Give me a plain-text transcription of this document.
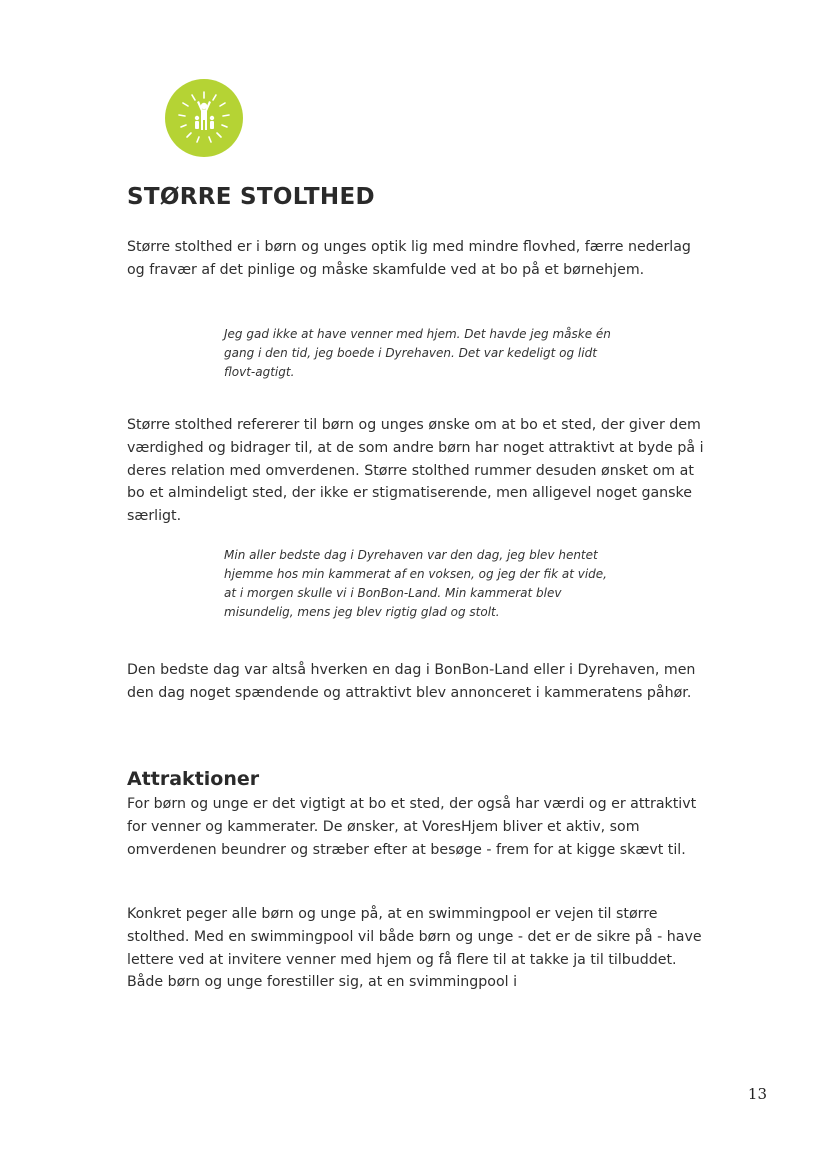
STØRRE STOLTHED

Større stolthed er i børn og unges optik lig med mindre flovhed, færre nederlag og fravær af det pinlige og måske skamfulde ved at bo på et børnehjem.

Jeg gad ikke at have venner med hjem. Det havde jeg måske én gang i den tid, jeg boede i Dyrehaven. Det var kedeligt og lidt flovt-agtigt.

Større stolthed refererer til børn og unges ønske om at bo et sted, der giver dem værdighed og bidrager til, at de som andre børn har noget attraktivt at byde på i deres relation med omverdenen. Større stolthed rummer desuden ønsket om at bo et almindeligt sted, der ikke er stigmatiserende, men alligevel noget ganske særligt.

Min aller bedste dag i Dyrehaven var den dag, jeg blev hentet hjemme hos min kammerat af en voksen, og jeg der fik at vide, at i morgen skulle vi i BonBon-Land. Min kammerat blev misundelig, mens jeg blev rigtig glad og stolt.

Den bedste dag var altså hverken en dag i BonBon-Land eller i Dyrehaven, men den dag noget spændende og attraktivt blev annonceret i kammeratens påhør.

Attraktioner

For børn og unge er det vigtigt at bo et sted, der også har værdi og er attraktivt for venner og kammerater. De ønsker, at VoresHjem bliver et aktiv, som omverdenen beundrer og stræber efter at besøge - frem for at kigge skævt til.

Konkret peger alle børn og unge på, at en swimmingpool er vejen til større stolthed. Med en swimmingpool vil både børn og unge - det er de sikre på - have lettere ved at invitere venner med hjem og få flere til at takke ja til tilbuddet. Både børn og unge forestiller sig, at en svimmingpool i

13
